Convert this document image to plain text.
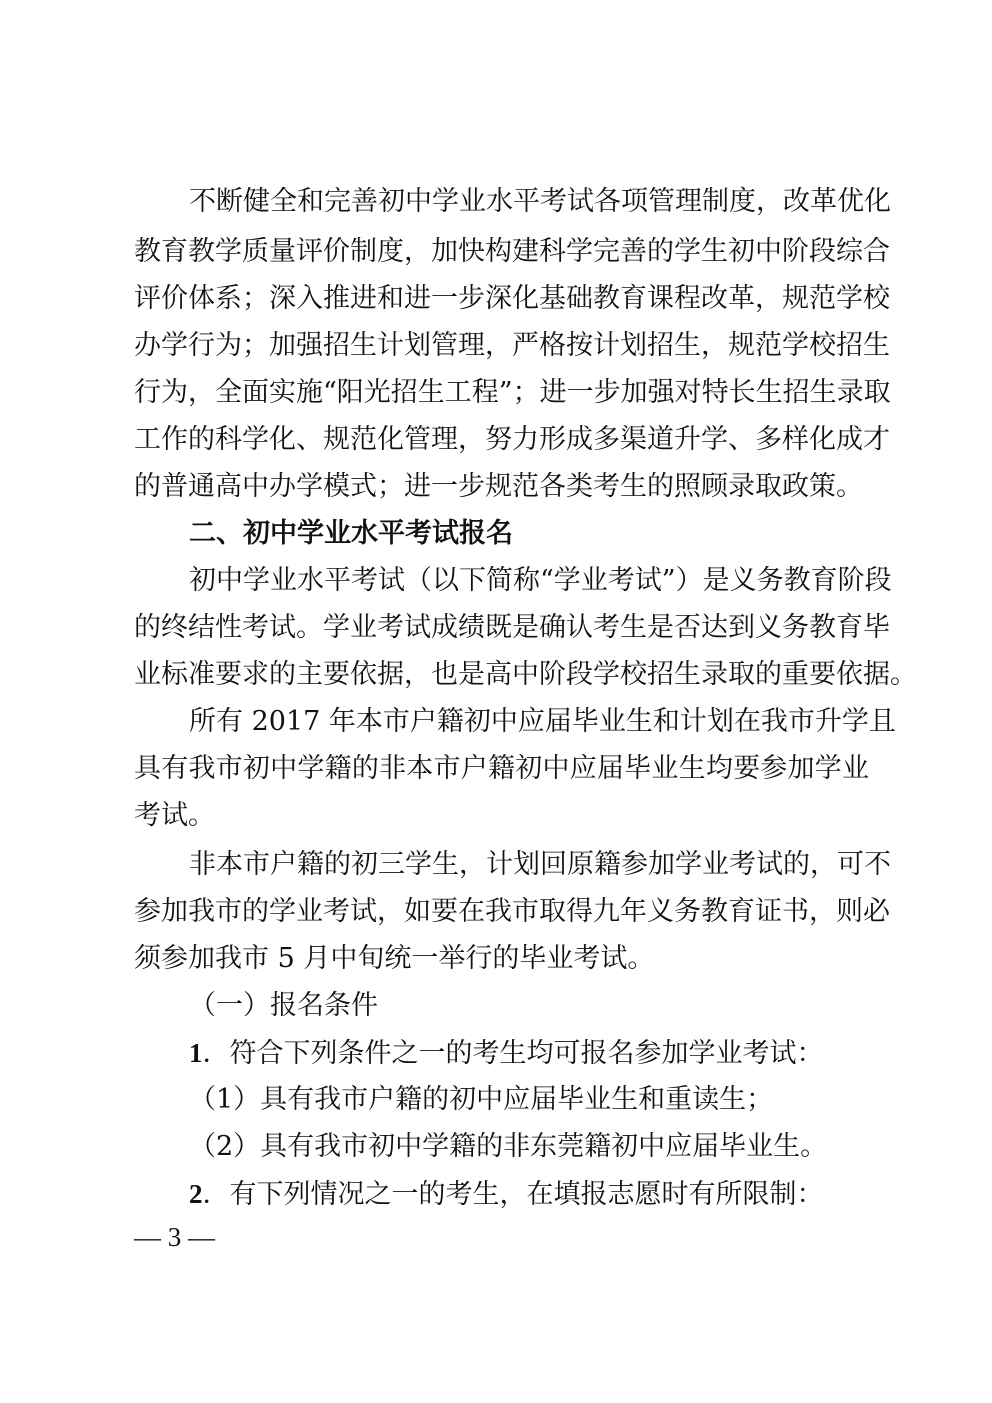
不断健全和完善初中学业水平考试各项管理制度，改革优化
教育教学质量评价制度，加快构建科学完善的学生初中阶段综合
评价体系；深入推进和进一步深化基础教育课程改革，规范学校
办学行为；加强招生计划管理，严格按计划招生，规范学校招生
行为，全面实施“阳光招生工程”；进一步加强对特长生招生录取
工作的科学化、规范化管理，努力形成多渠道升学、多样化成才
的普通高中办学模式；进一步规范各类考生的照顾录取政策。
二、初中学业水平考试报名
初中学业水平考试（以下简称“学业考试”）是义务教育阶段
的终结性考试。学业考试成绩既是确认考生是否达到义务教育毕
业标准要求的主要依据，也是高中阶段学校招生录取的重要依据。
所有 2017 年本市户籍初中应届毕业生和计划在我市升学且
具有我市初中学籍的非本市户籍初中应届毕业生均要参加学业
考试。
非本市户籍的初三学生，计划回原籍参加学业考试的，可不
参加我市的学业考试，如要在我市取得九年义务教育证书，则必
须参加我市 5 月中旬统一举行的毕业考试。
（一）报名条件
1．符合下列条件之一的考生均可报名参加学业考试：
（1）具有我市户籍的初中应届毕业生和重读生；
（2）具有我市初中学籍的非东莞籍初中应届毕业生。
2．有下列情况之一的考生，在填报志愿时有所限制：
— 3 —
